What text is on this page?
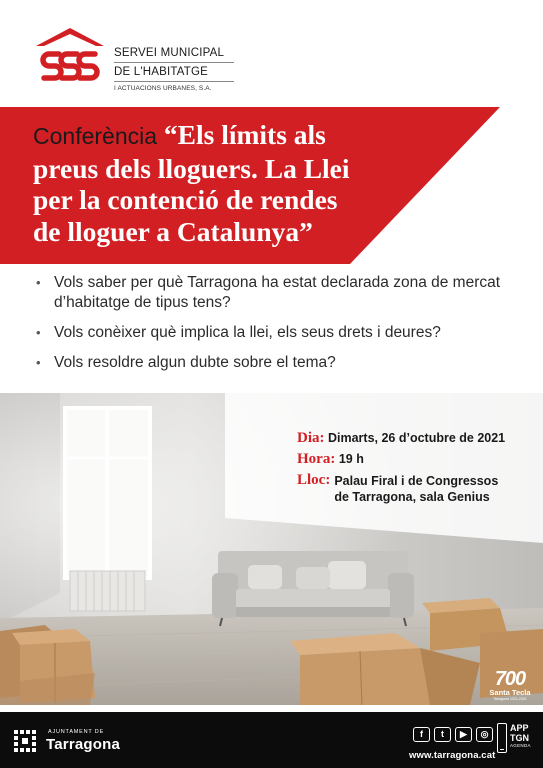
SERVEI MUNICIPAL
DE L'HABITATGE
I ACTUACIONS URBANES, S.A.
Conferència “Els límits als
preus dels lloguers. La Llei
per la contenció de rendes
de lloguer a Catalunya”
• Vols saber per què Tarragona ha estat declarada zona de mercat d’habitatge de tipus tens?
• Vols conèixer què implica la llei, els seus drets i deures?
• Vols resoldre algun dubte sobre el tema?
Dia: Dimarts, 26 d’octubre de 2021
Hora: 19 h
Lloc: Palau Firal i de Congressos
de Tarragona, sala Genius
700
Santa Tecla
Tarragona 1321-2021
AJUNTAMENT DE
Tarragona
f	t	▶	◎
www.tarragona.cat
APP
TGN
AGENDA
